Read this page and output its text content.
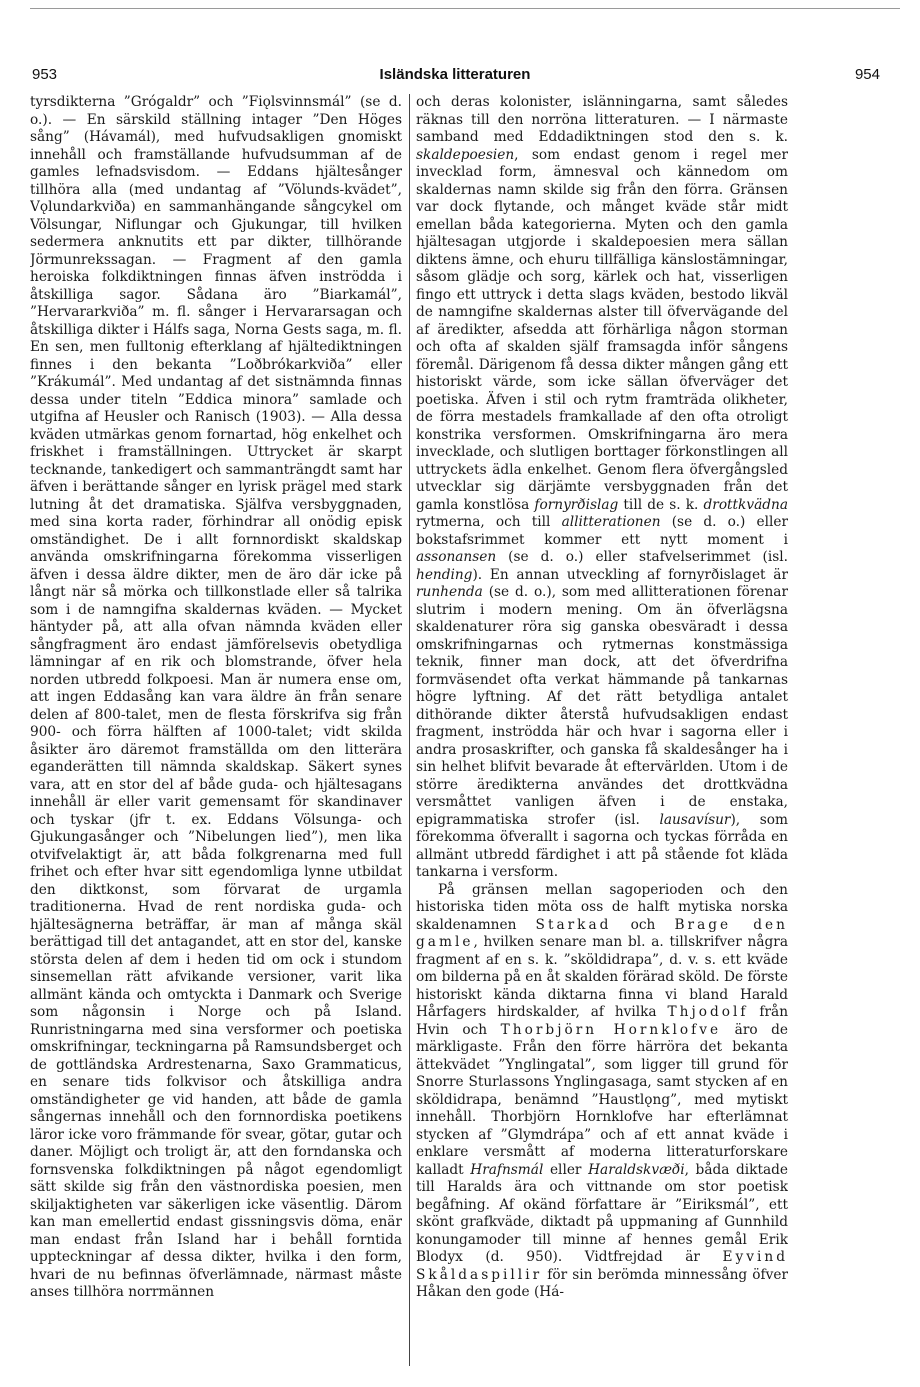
953	Isländska litteraturen	954

tyrsdikterna ”Grógaldr” och ”Fiǫlsvinnsmál” (se d. o.). — En särskild ställning intager ”Den Höges sång” (Hávamál), med hufvudsakligen gnomiskt innehåll och framställande hufvudsumman af de gamles lefnadsvisdom. — Eddans hjältesånger tillhöra alla (med undantag af ”Völunds-kvädet”, Vǫlundarkviða) en sammanhängande sångcykel om Völsungar, Niflungar och Gjukungar, till hvilken sedermera anknutits ett par dikter, tillhörande Jörmunrekssagan. — Fragment af den gamla heroiska folkdiktningen finnas äfven inströdda i åtskilliga sagor. Sådana äro ”Biarkamál”, ”Hervararkviða” m. fl. sånger i Hervararsagan och åtskilliga dikter i Hálfs saga, Norna Gests saga, m. fl. En sen, men fulltonig efterklang af hjältediktningen finnes i den bekanta ”Loðbrókarkviða” eller ”Krákumál”. Med undantag af det sistnämnda finnas dessa under titeln ”Eddica minora” samlade och utgifna af Heusler och Ranisch (1903). — Alla dessa kväden utmärkas genom fornartad, hög enkelhet och friskhet i framställningen. Uttrycket är skarpt tecknande, tankedigert och sammanträngdt samt har äfven i berättande sånger en lyrisk prägel med stark lutning åt det dramatiska. Själfva versbyggnaden, med sina korta rader, förhindrar all onödig episk omständighet. De i allt fornnordiskt skaldskap använda omskrifningarna förekomma visserligen äfven i dessa äldre dikter, men de äro där icke på långt när så mörka och tillkonstlade eller så talrika som i de namngifna skaldernas kväden. — Mycket häntyder på, att alla ofvan nämnda kväden eller sångfragment äro endast jämförelsevis obetydliga lämningar af en rik och blomstrande, öfver hela norden utbredd folkpoesi. Man är numera ense om, att ingen Eddasång kan vara äldre än från senare delen af 800-talet, men de flesta förskrifva sig från 900- och förra hälften af 1000-talet; vidt skilda åsikter äro däremot framställda om den litterära eganderätten till nämnda skaldskap. Säkert synes vara, att en stor del af både guda- och hjältesagans innehåll är eller varit gemensamt för skandinaver och tyskar (jfr t. ex. Eddans Völsunga- och Gjukungasånger och ”Nibelungen lied”), men lika otvifvelaktigt är, att båda folkgrenarna med full frihet och efter hvar sitt egendomliga lynne utbildat den diktkonst, som förvarat de urgamla traditionerna. Hvad de rent nordiska guda- och hjältesägnerna beträffar, är man af många skäl berättigad till det antagandet, att en stor del, kanske största delen af dem i heden tid om ock i stundom sinsemellan rätt afvikande versioner, varit lika allmänt kända och omtyckta i Danmark och Sverige som någonsin i Norge och på Island. Runristningarna med sina versformer och poetiska omskrifningar, teckningarna på Ramsundsberget och de gottländska Ardrestenarna, Saxo Grammaticus, en senare tids folkvisor och åtskilliga andra omständigheter ge vid handen, att både de gamla sångernas innehåll och den fornnordiska poetikens läror icke voro främmande för svear, götar, gutar och daner. Möjligt och troligt är, att den forndanska och fornsvenska folkdiktningen på något egendomligt sätt skilde sig från den västnordiska poesien, men skiljaktigheten var säkerligen icke väsentlig. Därom kan man emellertid endast gissningsvis döma, enär man endast från Island har i behåll forntida uppteckningar af dessa dikter, hvilka i den form, hvari de nu befinnas öfverlämnade, närmast måste anses tillhöra norrmännen

och deras kolonister, islänningarna, samt således räknas till den norröna litteraturen. — I närmaste samband med Eddadiktningen stod den s. k. skaldepoesien, som endast genom i regel mer invecklad form, ämnesval och kännedom om skaldernas namn skilde sig från den förra. Gränsen var dock flytande, och månget kväde står midt emellan båda kategorierna. Myten och den gamla hjältesagan utgjorde i skaldepoesien mera sällan diktens ämne, och ehuru tillfälliga känslostämningar, såsom glädje och sorg, kärlek och hat, visserligen fingo ett uttryck i detta slags kväden, bestodo likväl de namngifne skaldernas alster till öfvervägande del af äredikter, afsedda att förhärliga någon storman och ofta af skalden själf framsagda inför sångens föremål. Därigenom få dessa dikter mången gång ett historiskt värde, som icke sällan öfverväger det poetiska. Äfven i stil och rytm framträda olikheter, de förra mestadels framkallade af den ofta otroligt konstrika versformen. Omskrifningarna äro mera invecklade, och slutligen borttager förkonstlingen all uttryckets ädla enkelhet. Genom flera öfvergångsled utvecklar sig därjämte versbyggnaden från det gamla konstlösa fornyrðislag till de s. k. drottkvädna rytmerna, och till allitterationen (se d. o.) eller bokstafsrimmet kommer ett nytt moment i assonansen (se d. o.) eller stafvelserimmet (isl. hending). En annan utveckling af fornyrðislaget är runhenda (se d. o.), som med allitterationen förenar slutrim i modern mening. Om än öfverlägsna skaldenaturer röra sig ganska obesväradt i dessa omskrifningarnas och rytmernas konstmässiga teknik, finner man dock, att det öfverdrifna formväsendet ofta verkat hämmande på tankarnas högre lyftning. Af det rätt betydliga antalet dithörande dikter återstå hufvudsakligen endast fragment, inströdda här och hvar i sagorna eller i andra prosaskrifter, och ganska få skaldesånger ha i sin helhet blifvit bevarade åt eftervärlden. Utom i de större äredikterna användes det drottkvädna versmåttet vanligen äfven i de enstaka, epigrammatiska strofer (isl. lausavísur), som förekomma öfverallt i sagorna och tyckas förråda en allmänt utbredd färdighet i att på stående fot kläda tankarna i versform.

På gränsen mellan sagoperioden och den historiska tiden möta oss de halft mytiska norska skaldenamnen Starkad och Brage den gamle, hvilken senare man bl. a. tillskrifver några fragment af en s. k. ”sköldidrapa”, d. v. s. ett kväde om bilderna på en åt skalden förärad sköld. De förste historiskt kända diktarna finna vi bland Harald Hårfagers hirdskalder, af hvilka Thjodolf från Hvin och Thorbjörn Hornklofve äro de märkligaste. Från den förre härröra det bekanta ättekvädet ”Ynglingatal”, som ligger till grund för Snorre Sturlassons Ynglingasaga, samt stycken af en sköldidrapa, benämnd ”Haustlǫng”, med mytiskt innehåll. Thorbjörn Hornklofve har efterlämnat stycken af ”Glymdrápa” och af ett annat kväde i enklare versmått af moderna litteraturforskare kalladt Hrafnsmál eller Haraldskvæði, båda diktade till Haralds ära och vittnande om stor poetisk begåfning. Af okänd författare är ”Eiriksmál”, ett skönt grafkväde, diktadt på uppmaning af Gunnhild konungamoder till minne af hennes gemål Erik Blodyx (d. 950). Vidtfrejdad är Eyvind Skåldaspillir för sin berömda minnessång öfver Håkan den gode (Há-
